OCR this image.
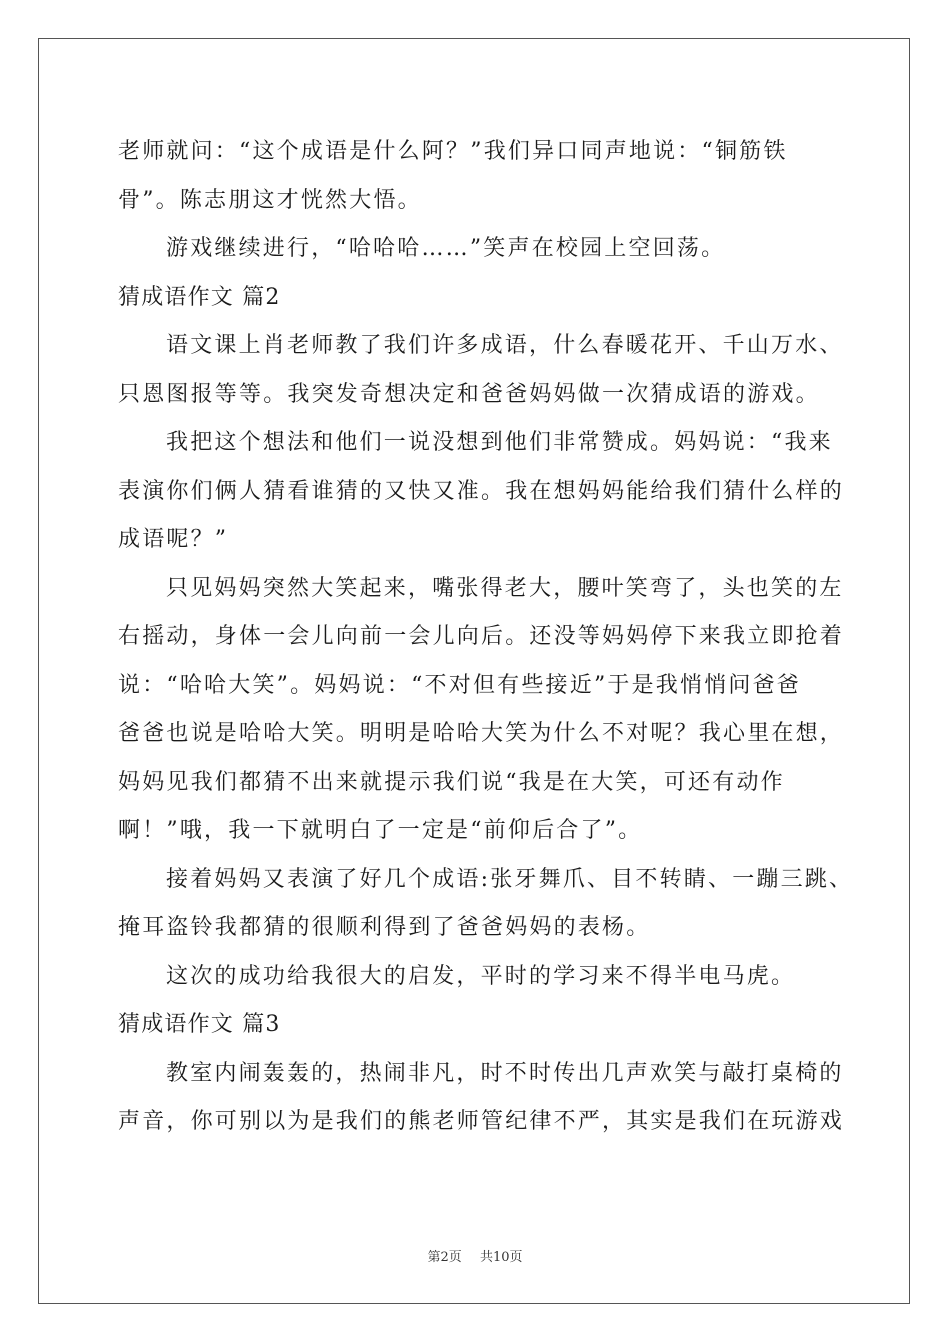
老师就问：“这个成语是什么阿？”我们异口同声地说：“铜筋铁
骨”。陈志朋这才恍然大悟。
游戏继续进行，“哈哈哈……”笑声在校园上空回荡。
猜成语作文 篇2
语文课上肖老师教了我们许多成语，什么春暖花开、千山万水、
只恩图报等等。我突发奇想决定和爸爸妈妈做一次猜成语的游戏。
我把这个想法和他们一说没想到他们非常赞成。妈妈说：“我来
表演你们俩人猜看谁猜的又快又准。我在想妈妈能给我们猜什么样的
成语呢？”
只见妈妈突然大笑起来，嘴张得老大，腰叶笑弯了，头也笑的左
右摇动，身体一会儿向前一会儿向后。还没等妈妈停下来我立即抢着
说：“哈哈大笑”。妈妈说：“不对但有些接近”于是我悄悄问爸爸
爸爸也说是哈哈大笑。明明是哈哈大笑为什么不对呢？我心里在想，
妈妈见我们都猜不出来就提示我们说“我是在大笑，可还有动作
啊！”哦，我一下就明白了一定是“前仰后合了”。
接着妈妈又表演了好几个成语:张牙舞爪、目不转睛、一蹦三跳、
掩耳盗铃我都猜的很顺利得到了爸爸妈妈的表杨。
这次的成功给我很大的启发，平时的学习来不得半电马虎。
猜成语作文 篇3
教室内闹轰轰的，热闹非凡，时不时传出几声欢笑与敲打桌椅的
声音，你可别以为是我们的熊老师管纪律不严，其实是我们在玩游戏
第2页 共10页
